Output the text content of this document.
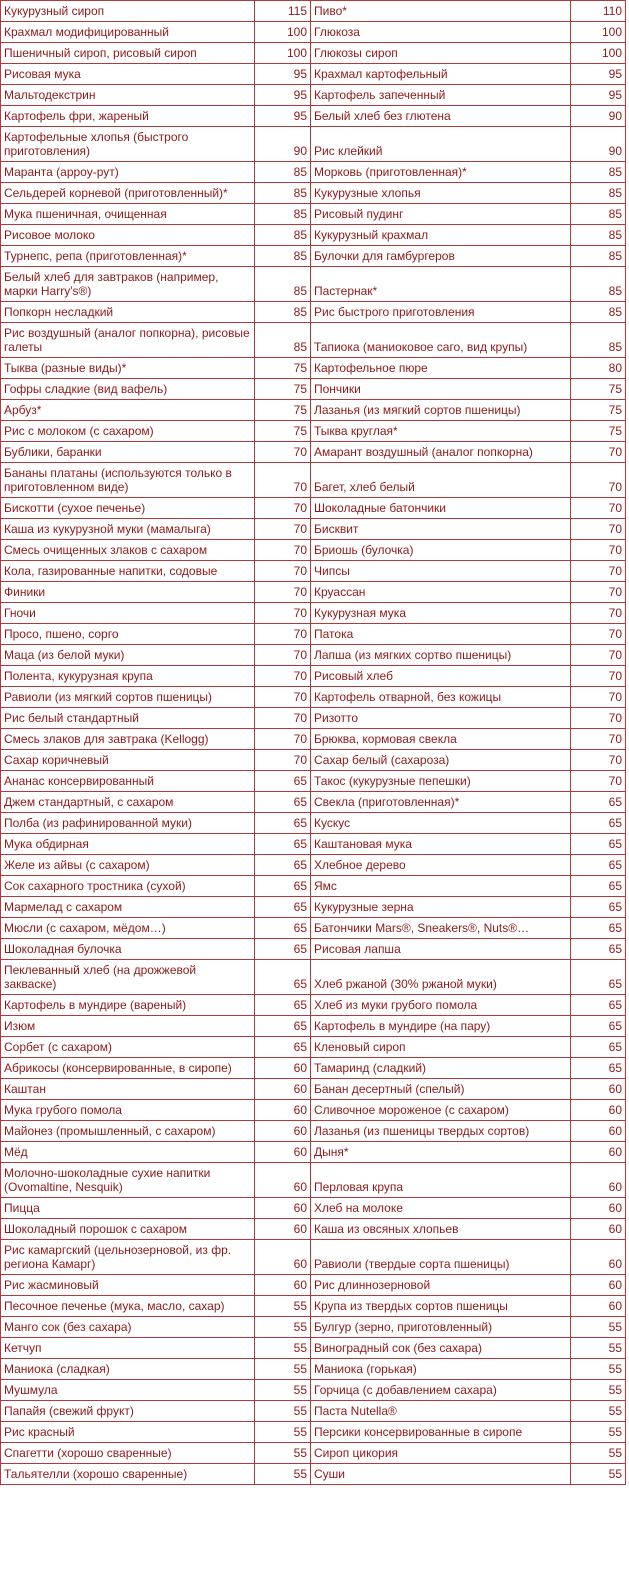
Кукурузный сироп	115	Пиво*	110
Крахмал модифицированный	100	Глюкоза	100
Пшеничный сироп, рисовый сироп	100	Глюкозы сироп	100
Рисовая мука	95	Крахмал картофельный	95
Мальтодекстрин	95	Картофель запеченный	95
Картофель фри, жареный	95	Белый хлеб без глютена	90
Картофельные хлопья (быстрого приготовления)	90	Рис клейкий	90
Маранта (арроу-рут)	85	Морковь (приготовленная)*	85
Сельдерей корневой (приготовленный)*	85	Кукурузные хлопья	85
Мука пшеничная, очищенная	85	Рисовый пудинг	85
Рисовое молоко	85	Кукурузный крахмал	85
Турнепс, репа (приготовленная)*	85	Булочки для гамбургеров	85
Белый хлеб для завтраков (например, марки Harry's®)	85	Пастернак*	85
Попкорн несладкий	85	Рис быстрого приготовления	85
Рис воздушный (аналог попкорна), рисовые галеты	85	Тапиока (маниоковое саго, вид крупы)	85
Тыква (разные виды)*	75	Картофельное пюре	80
Гофры сладкие (вид вафель)	75	Пончики	75
Арбуз*	75	Лазанья (из мягкий сортов пшеницы)	75
Рис с молоком (с сахаром)	75	Тыква круглая*	75
Бублики, баранки	70	Амарант воздушный (аналог попкорна)	70
Бананы платаны (используются только в приготовленном виде)	70	Багет, хлеб белый	70
Бискотти (сухое печенье)	70	Шоколадные батончики	70
Каша из кукурузной муки (мамалыга)	70	Бисквит	70
Смесь очищенных злаков с сахаром	70	Бриошь (булочка)	70
Кола, газированные напитки, содовые	70	Чипсы	70
Финики	70	Круассан	70
Гночи	70	Кукурузная мука	70
Просо, пшено, сорго	70	Патока	70
Маца (из белой муки)	70	Лапша (из мягких сортво пшеницы)	70
Полента, кукурузная крупа	70	Рисовый хлеб	70
Равиоли (из мягкий сортов пшеницы)	70	Картофель отварной, без кожицы	70
Рис белый стандартный	70	Ризотто	70
Смесь злаков для завтрака (Kellogg)	70	Брюква, кормовая свекла	70
Сахар коричневый	70	Сахар белый (сахароза)	70
Ананас консервированный	65	Такос (кукурузные пепешки)	70
Джем стандартный, с сахаром	65	Свекла (приготовленная)*	65
Полба (из рафинированной муки)	65	Кускус	65
Мука обдирная	65	Каштановая мука	65
Желе из айвы (с сахаром)	65	Хлебное дерево	65
Сок сахарного тростника (сухой)	65	Ямс	65
Мармелад с сахаром	65	Кукурузные зерна	65
Мюсли (с сахаром, мёдом…)	65	Батончики Mars®, Sneakers®, Nuts®…	65
Шоколадная булочка	65	Рисовая лапша	65
Пеклеванный хлеб (на дрожжевой закваске)	65	Хлеб ржаной (30% ржаной муки)	65
Картофель в мундире (вареный)	65	Хлеб из муки грубого помола	65
Изюм	65	Картофель в мундире (на пару)	65
Сорбет (с сахаром)	65	Кленовый сироп	65
Абрикосы (консервированные, в сиропе)	60	Тамаринд (сладкий)	65
Каштан	60	Банан десертный (спелый)	60
Мука грубого помола	60	Сливочное мороженое (с сахаром)	60
Майонез (промышленный, с сахаром)	60	Лазанья (из пшеницы твердых сортов)	60
Мёд	60	Дыня*	60
Молочно-шоколадные сухие напитки (Ovomaltine, Nesquik)	60	Перловая крупа	60
Пицца	60	Хлеб на молоке	60
Шоколадный порошок с сахаром	60	Каша из овсяных хлопьев	60
Рис камаргский (цельнозерновой, из фр. региона Камарг)	60	Равиоли (твердые сорта пшеницы)	60
Рис жасминовый	60	Рис длиннозерновой	60
Песочное печенье (мука, масло, сахар)	55	Крупа из твердых сортов пшеницы	60
Манго сок (без сахара)	55	Булгур (зерно, приготовленный)	55
Кетчуп	55	Виноградный сок (без сахара)	55
Маниока (сладкая)	55	Маниока (горькая)	55
Мушмула	55	Горчица (с добавлением сахара)	55
Папайя (свежий фрукт)	55	Паста Nutella®	55
Рис красный	55	Персики консервированные в сиропе	55
Спагетти (хорошо сваренные)	55	Сироп цикория	55
Тальятелли (хорошо сваренные)	55	Суши	55
